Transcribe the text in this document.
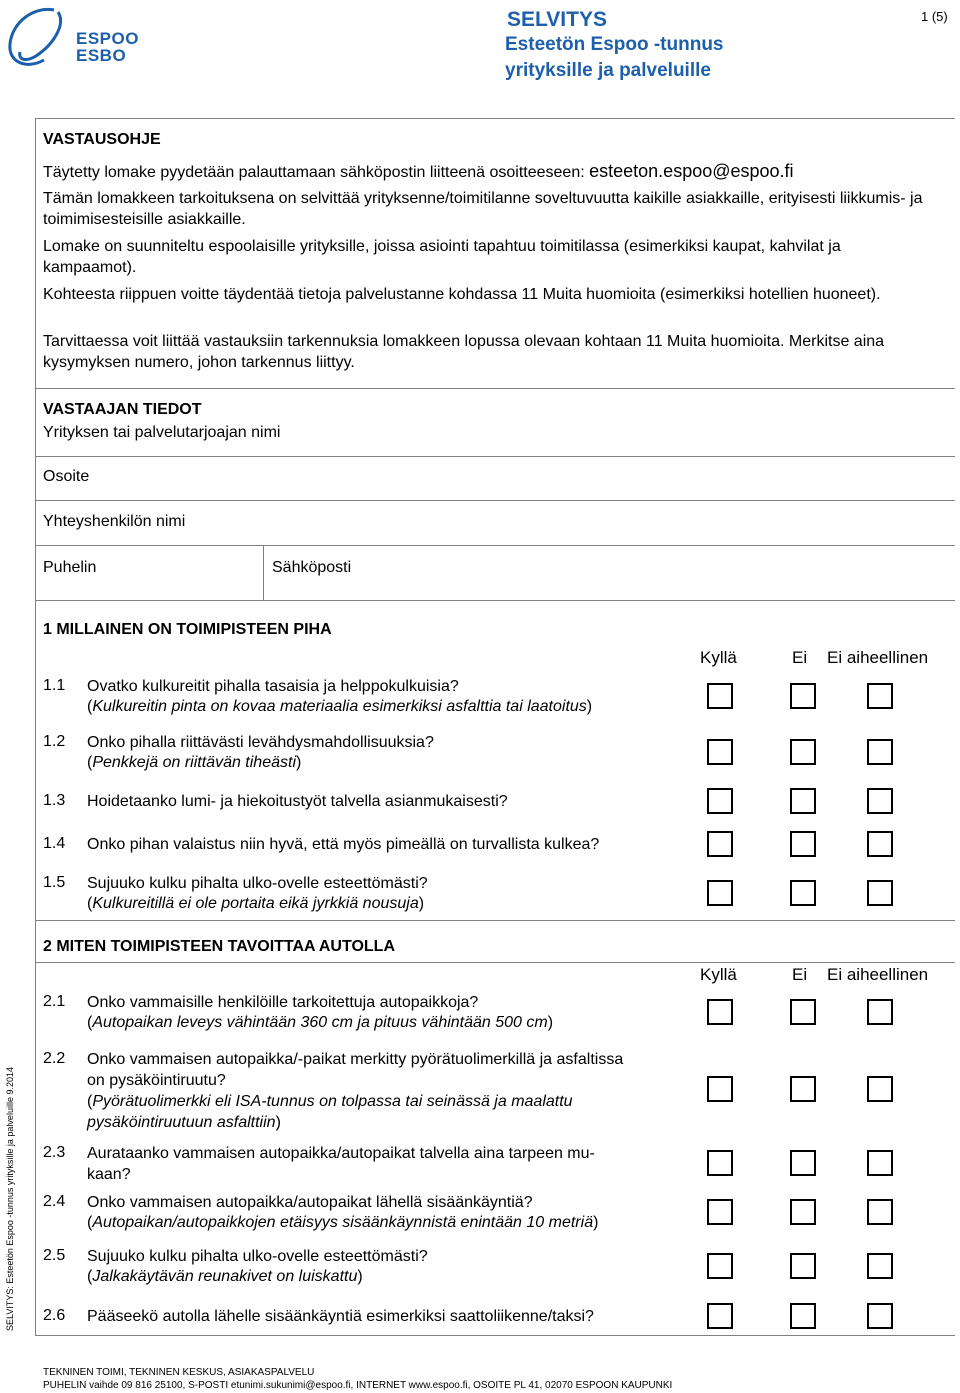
ESPOO
ESBO
SELVITYS
Esteetön Espoo -tunnus
yrityksille ja palveluille
1 (5)
VASTAUSOHJE
Täytetty lomake pyydetään palauttamaan sähköpostin liitteenä osoitteeseen: esteeton.espoo@espoo.fi
Tämän lomakkeen tarkoituksena on selvittää yrityksenne/toimitilanne soveltuvuutta kaikille asiakkaille, erityisesti liikkumis- ja toimimisesteisille asiakkaille.
Lomake on suunniteltu espoolaisille yrityksille, joissa asiointi tapahtuu toimitilassa (esimerkiksi kaupat, kahvilat ja kampaamot).
Kohteesta riippuen voitte täydentää tietoja palvelustanne kohdassa 11 Muita huomioita (esimerkiksi hotellien huoneet).
Tarvittaessa voit liittää vastauksiin tarkennuksia lomakkeen lopussa olevaan kohtaan 11 Muita huomioita. Merkitse aina kysymyksen numero, johon tarkennus liittyy.
VASTAAJAN TIEDOT
Yrityksen tai palvelutarjoajan nimi
Osoite
Yhteyshenkilön nimi
Puhelin	Sähköposti
1 MILLAINEN ON TOIMIPISTEEN PIHA
Kyllä	Ei Ei aiheellinen
1.1 Ovatko kulkureitit pihalla tasaisia ja helppokulkuisia?
(Kulkureitin pinta on kovaa materiaalia esimerkiksi asfalttia tai laatoitus)
1.2 Onko pihalla riittävästi levähdysmahdollisuuksia?
(Penkkejä on riittävän tiheästi)
1.3 Hoidetaanko lumi- ja hiekoitustyöt talvella asianmukaisesti?
1.4 Onko pihan valaistus niin hyvä, että myös pimeällä on turvallista kulkea?
1.5 Sujuuko kulku pihalta ulko-ovelle esteettömästi?
(Kulkureitillä ei ole portaita eikä jyrkkiä nousuja)
2 MITEN TOIMIPISTEEN TAVOITTAA AUTOLLA
Kyllä	Ei Ei aiheellinen
2.1 Onko vammaisille henkilöille tarkoitettuja autopaikkoja?
(Autopaikan leveys vähintään 360 cm ja pituus vähintään 500 cm)
2.2 Onko vammaisen autopaikka/-paikat merkitty pyörätuolimerkillä ja asfaltissa
on pysäköintiruutu?
(Pyörätuolimerkki eli ISA-tunnus on tolpassa tai seinässä ja maalattu
pysäköintiruutuun asfalttiin)
2.3 Aurataanko vammaisen autopaikka/autopaikat talvella aina tarpeen mu-
kaan?
2.4 Onko vammaisen autopaikka/autopaikat lähellä sisäänkäyntiä?
(Autopaikan/autopaikkojen etäisyys sisäänkäynnistä enintään 10 metriä)
2.5 Sujuuko kulku pihalta ulko-ovelle esteettömästi?
(Jalkakäytävän reunakivet on luiskattu)
2.6 Pääseekö autolla lähelle sisäänkäyntiä esimerkiksi saattoliikenne/taksi?
SELVITYS: Esteetön Espoo -tunnus yrityksille ja palveluille 9.2014
TEKNINEN TOIMI, TEKNINEN KESKUS, ASIAKASPALVELU
PUHELIN vaihde 09 816 25100, S-POSTI etunimi.sukunimi@espoo.fi, INTERNET www.espoo.fi, OSOITE PL 41, 02070 ESPOON KAUPUNKI
